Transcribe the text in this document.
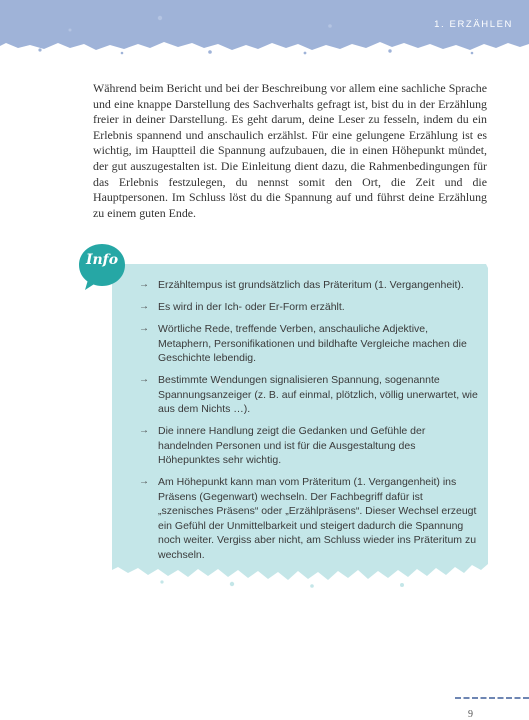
1. ERZÄHLEN

Während beim Bericht und bei der Beschreibung vor allem eine sachliche Sprache und eine knappe Darstellung des Sachverhalts gefragt ist, bist du in der Erzählung freier in deiner Darstellung. Es geht darum, deine Leser zu fesseln, indem du ein Erlebnis spannend und anschaulich erzählst. Für eine gelungene Erzählung ist es wichtig, im Hauptteil die Spannung aufzubauen, die in einen Höhepunkt mündet, der gut auszugestalten ist. Die Einleitung dient dazu, die Rahmenbedingungen für das Erlebnis festzulegen, du nennst somit den Ort, die Zeit und die Hauptpersonen. Im Schluss löst du die Spannung auf und führst deine Erzählung zu einem guten Ende.

Info
→ Erzähltempus ist grundsätzlich das Präteritum (1. Vergangenheit).
→ Es wird in der Ich- oder Er-Form erzählt.
→ Wörtliche Rede, treffende Verben, anschauliche Adjektive, Metaphern, Personifikationen und bildhafte Vergleiche machen die Geschichte lebendig.
→ Bestimmte Wendungen signalisieren Spannung, sogenannte Spannungsanzeiger (z. B. auf einmal, plötzlich, völlig unerwartet, wie aus dem Nichts …).
→ Die innere Handlung zeigt die Gedanken und Gefühle der handelnden Personen und ist für die Ausgestaltung des Höhepunktes sehr wichtig.
→ Am Höhepunkt kann man vom Präteritum (1. Vergangenheit) ins Präsens (Gegenwart) wechseln. Der Fachbegriff dafür ist „szenisches Präsens“ oder „Erzählpräsens“. Dieser Wechsel erzeugt ein Gefühl der Unmittelbarkeit und steigert dadurch die Spannung noch weiter. Vergiss aber nicht, am Schluss wieder ins Präteritum zu wechseln.
9
